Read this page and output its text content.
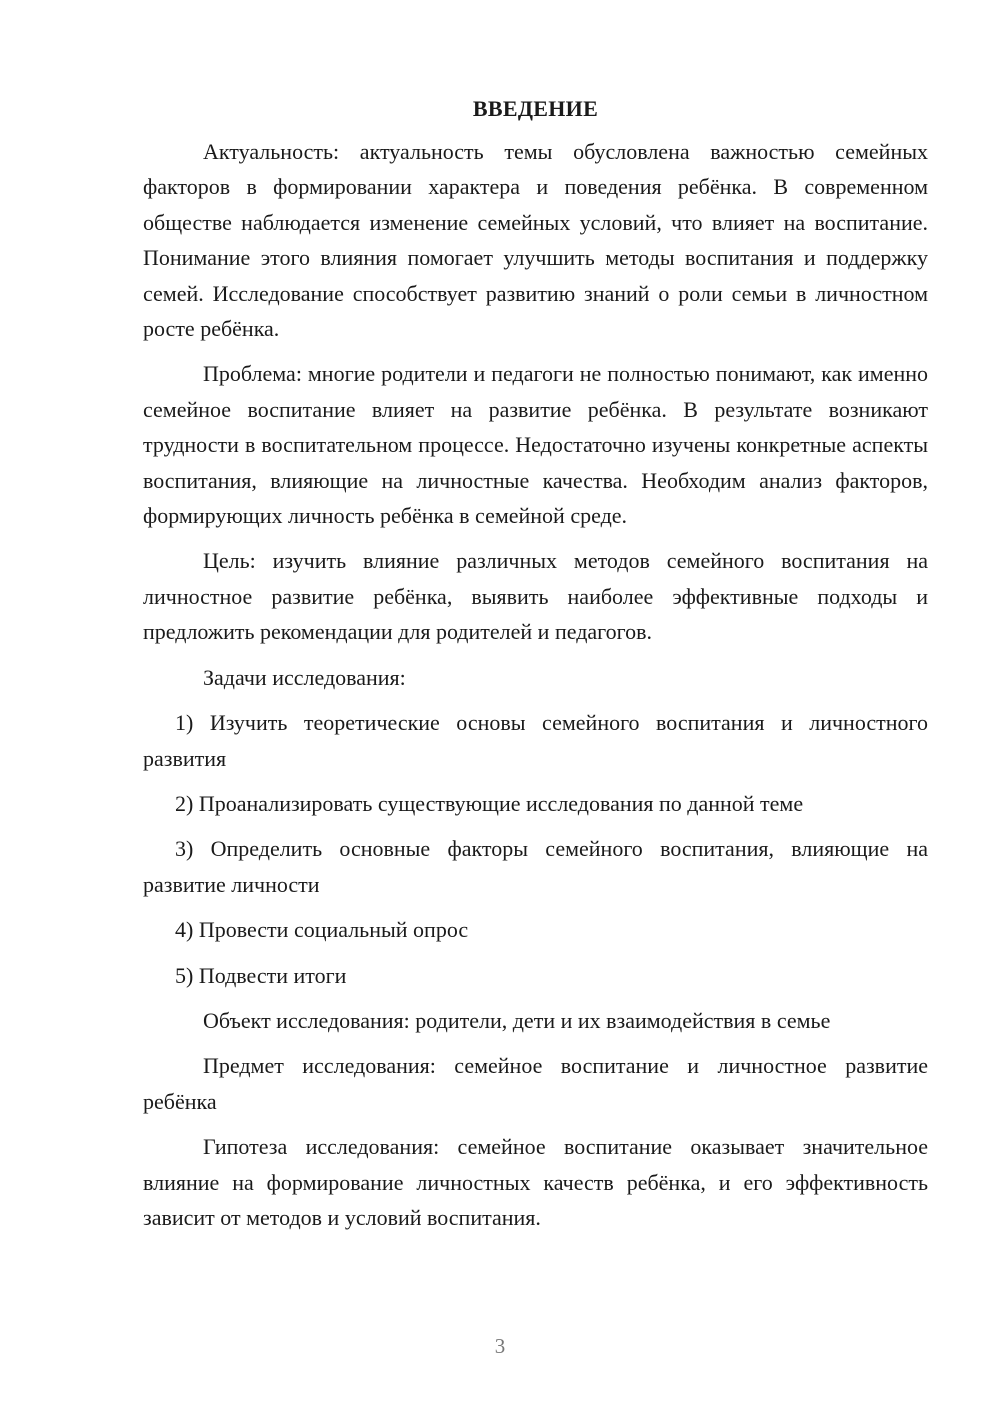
ВВЕДЕНИЕ

Актуальность: актуальность темы обусловлена важностью семейных факторов в формировании характера и поведения ребёнка. В современном обществе наблюдается изменение семейных условий, что влияет на воспитание. Понимание этого влияния помогает улучшить методы воспитания и поддержку семей. Исследование способствует развитию знаний о роли семьи в личностном росте ребёнка.

Проблема: многие родители и педагоги не полностью понимают, как именно семейное воспитание влияет на развитие ребёнка. В результате возникают трудности в воспитательном процессе. Недостаточно изучены конкретные аспекты воспитания, влияющие на личностные качества. Необходим анализ факторов, формирующих личность ребёнка в семейной среде.

Цель: изучить влияние различных методов семейного воспитания на личностное развитие ребёнка, выявить наиболее эффективные подходы и предложить рекомендации для родителей и педагогов.

Задачи исследования:

1) Изучить теоретические основы семейного воспитания и личностного развития

2) Проанализировать существующие исследования по данной теме

3) Определить основные факторы семейного воспитания, влияющие на развитие личности

4) Провести социальный опрос

5) Подвести итоги

Объект исследования: родители, дети и их взаимодействия в семье

Предмет исследования: семейное воспитание и личностное развитие ребёнка

Гипотеза исследования: семейное воспитание оказывает значительное влияние на формирование личностных качеств ребёнка, и его эффективность зависит от методов и условий воспитания.

3
